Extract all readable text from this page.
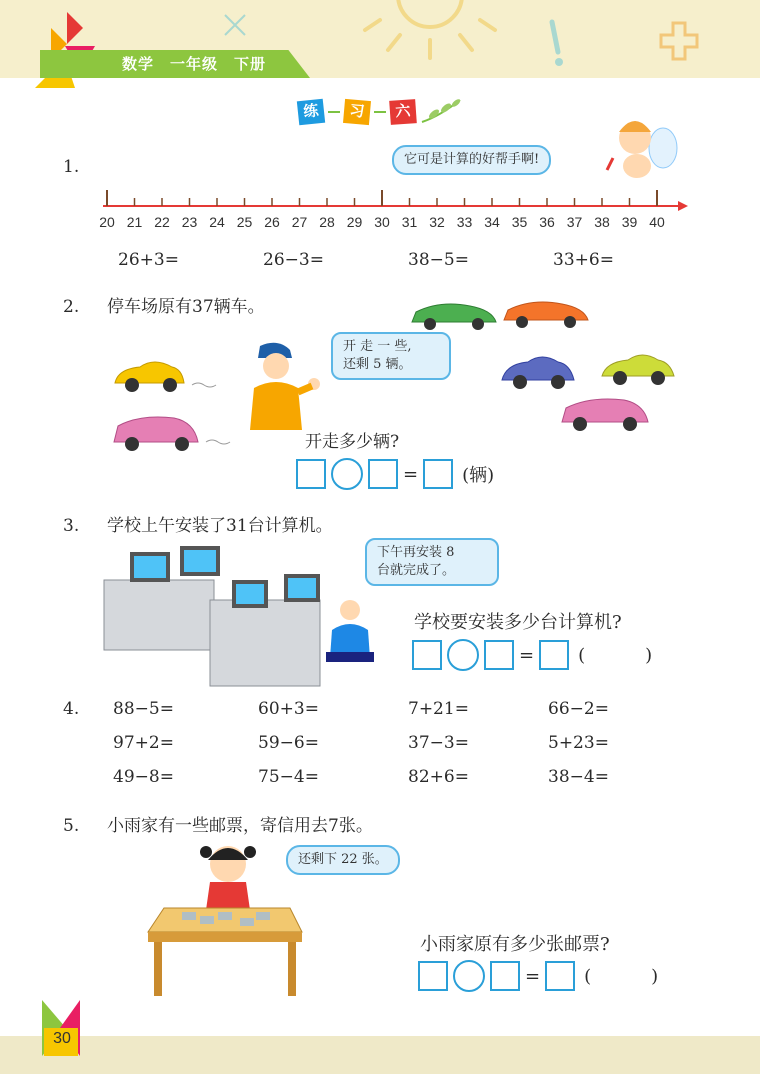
数学　一年级　下册
练	习	六
1.	它可是计算的好帮手啊!
20 21 22 23 24 25 26 27 28 29 30 31 32 33 34 35 36 37 38 39 40
26+3=	26−3=	38−5=	33+6=
2. 停车场原有37辆车。
开 走 一 些,
还剩 5 辆。
开走多少辆?
= (辆)
3. 学校上午安装了31台计算机。
下午再安装 8
台就完成了。
学校要安装多少台计算机?
= (	)
4.	88−5=	60+3=	7+21=	66−2=
97+2=	59−6=	37−3=	5+23=
49−8=	75−4=	82+6=	38−4=
5. 小雨家有一些邮票，寄信用去7张。
还剩下 22 张。
小雨家原有多少张邮票?
= (	)
30
